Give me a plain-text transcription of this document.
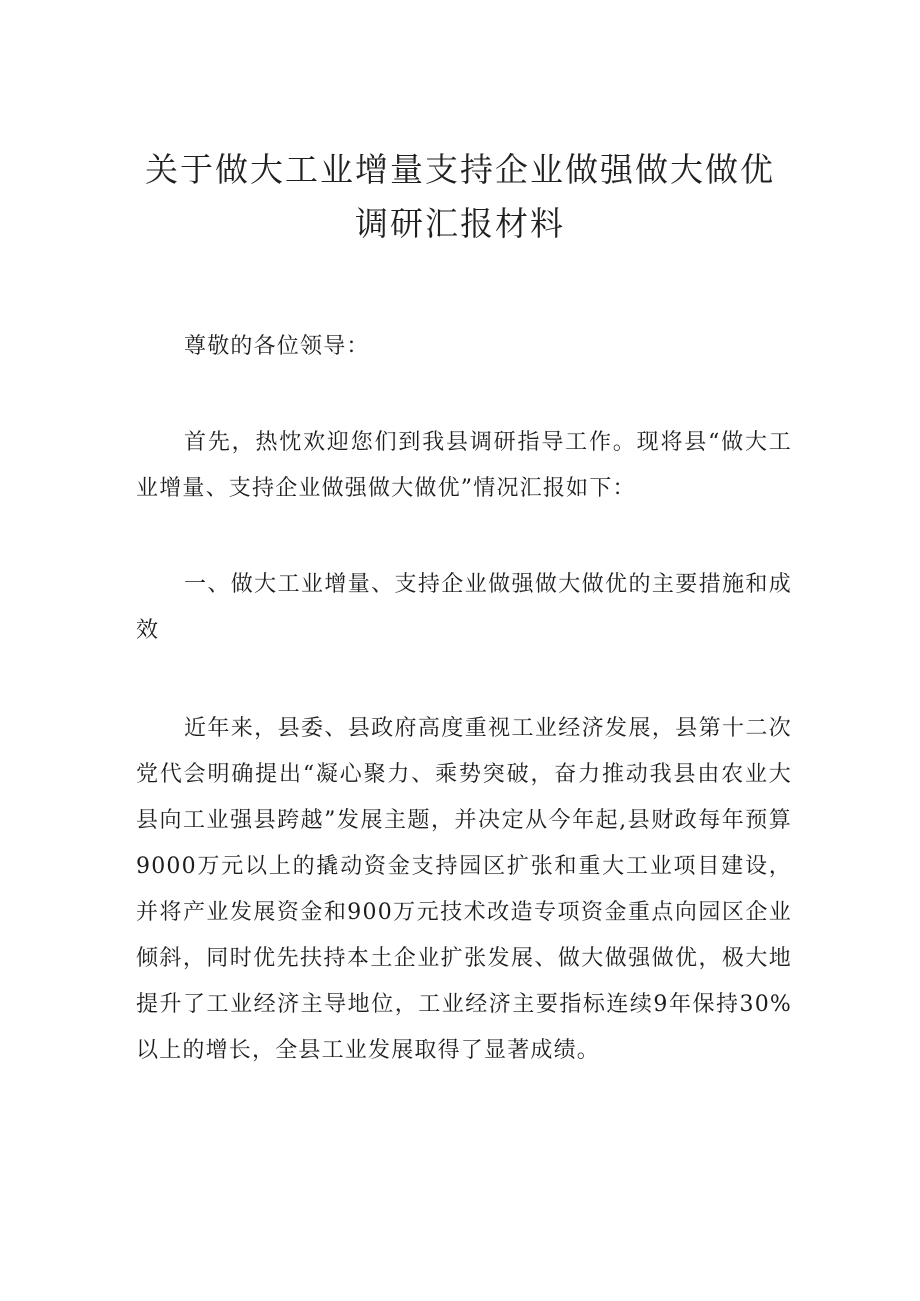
关于做大工业增量支持企业做强做大做优
调研汇报材料

尊敬的各位领导：

首先，热忱欢迎您们到我县调研指导工作。现将县“做大工业增量、支持企业做强做大做优”情况汇报如下：

一、做大工业增量、支持企业做强做大做优的主要措施和成效

近年来，县委、县政府高度重视工业经济发展，县第十二次党代会明确提出“凝心聚力、乘势突破，奋力推动我县由农业大县向工业强县跨越”发展主题，并决定从今年起,县财政每年预算9000万元以上的撬动资金支持园区扩张和重大工业项目建设，并将产业发展资金和900万元技术改造专项资金重点向园区企业倾斜，同时优先扶持本土企业扩张发展、做大做强做优，极大地提升了工业经济主导地位，工业经济主要指标连续9年保持30%以上的增长，全县工业发展取得了显著成绩。
